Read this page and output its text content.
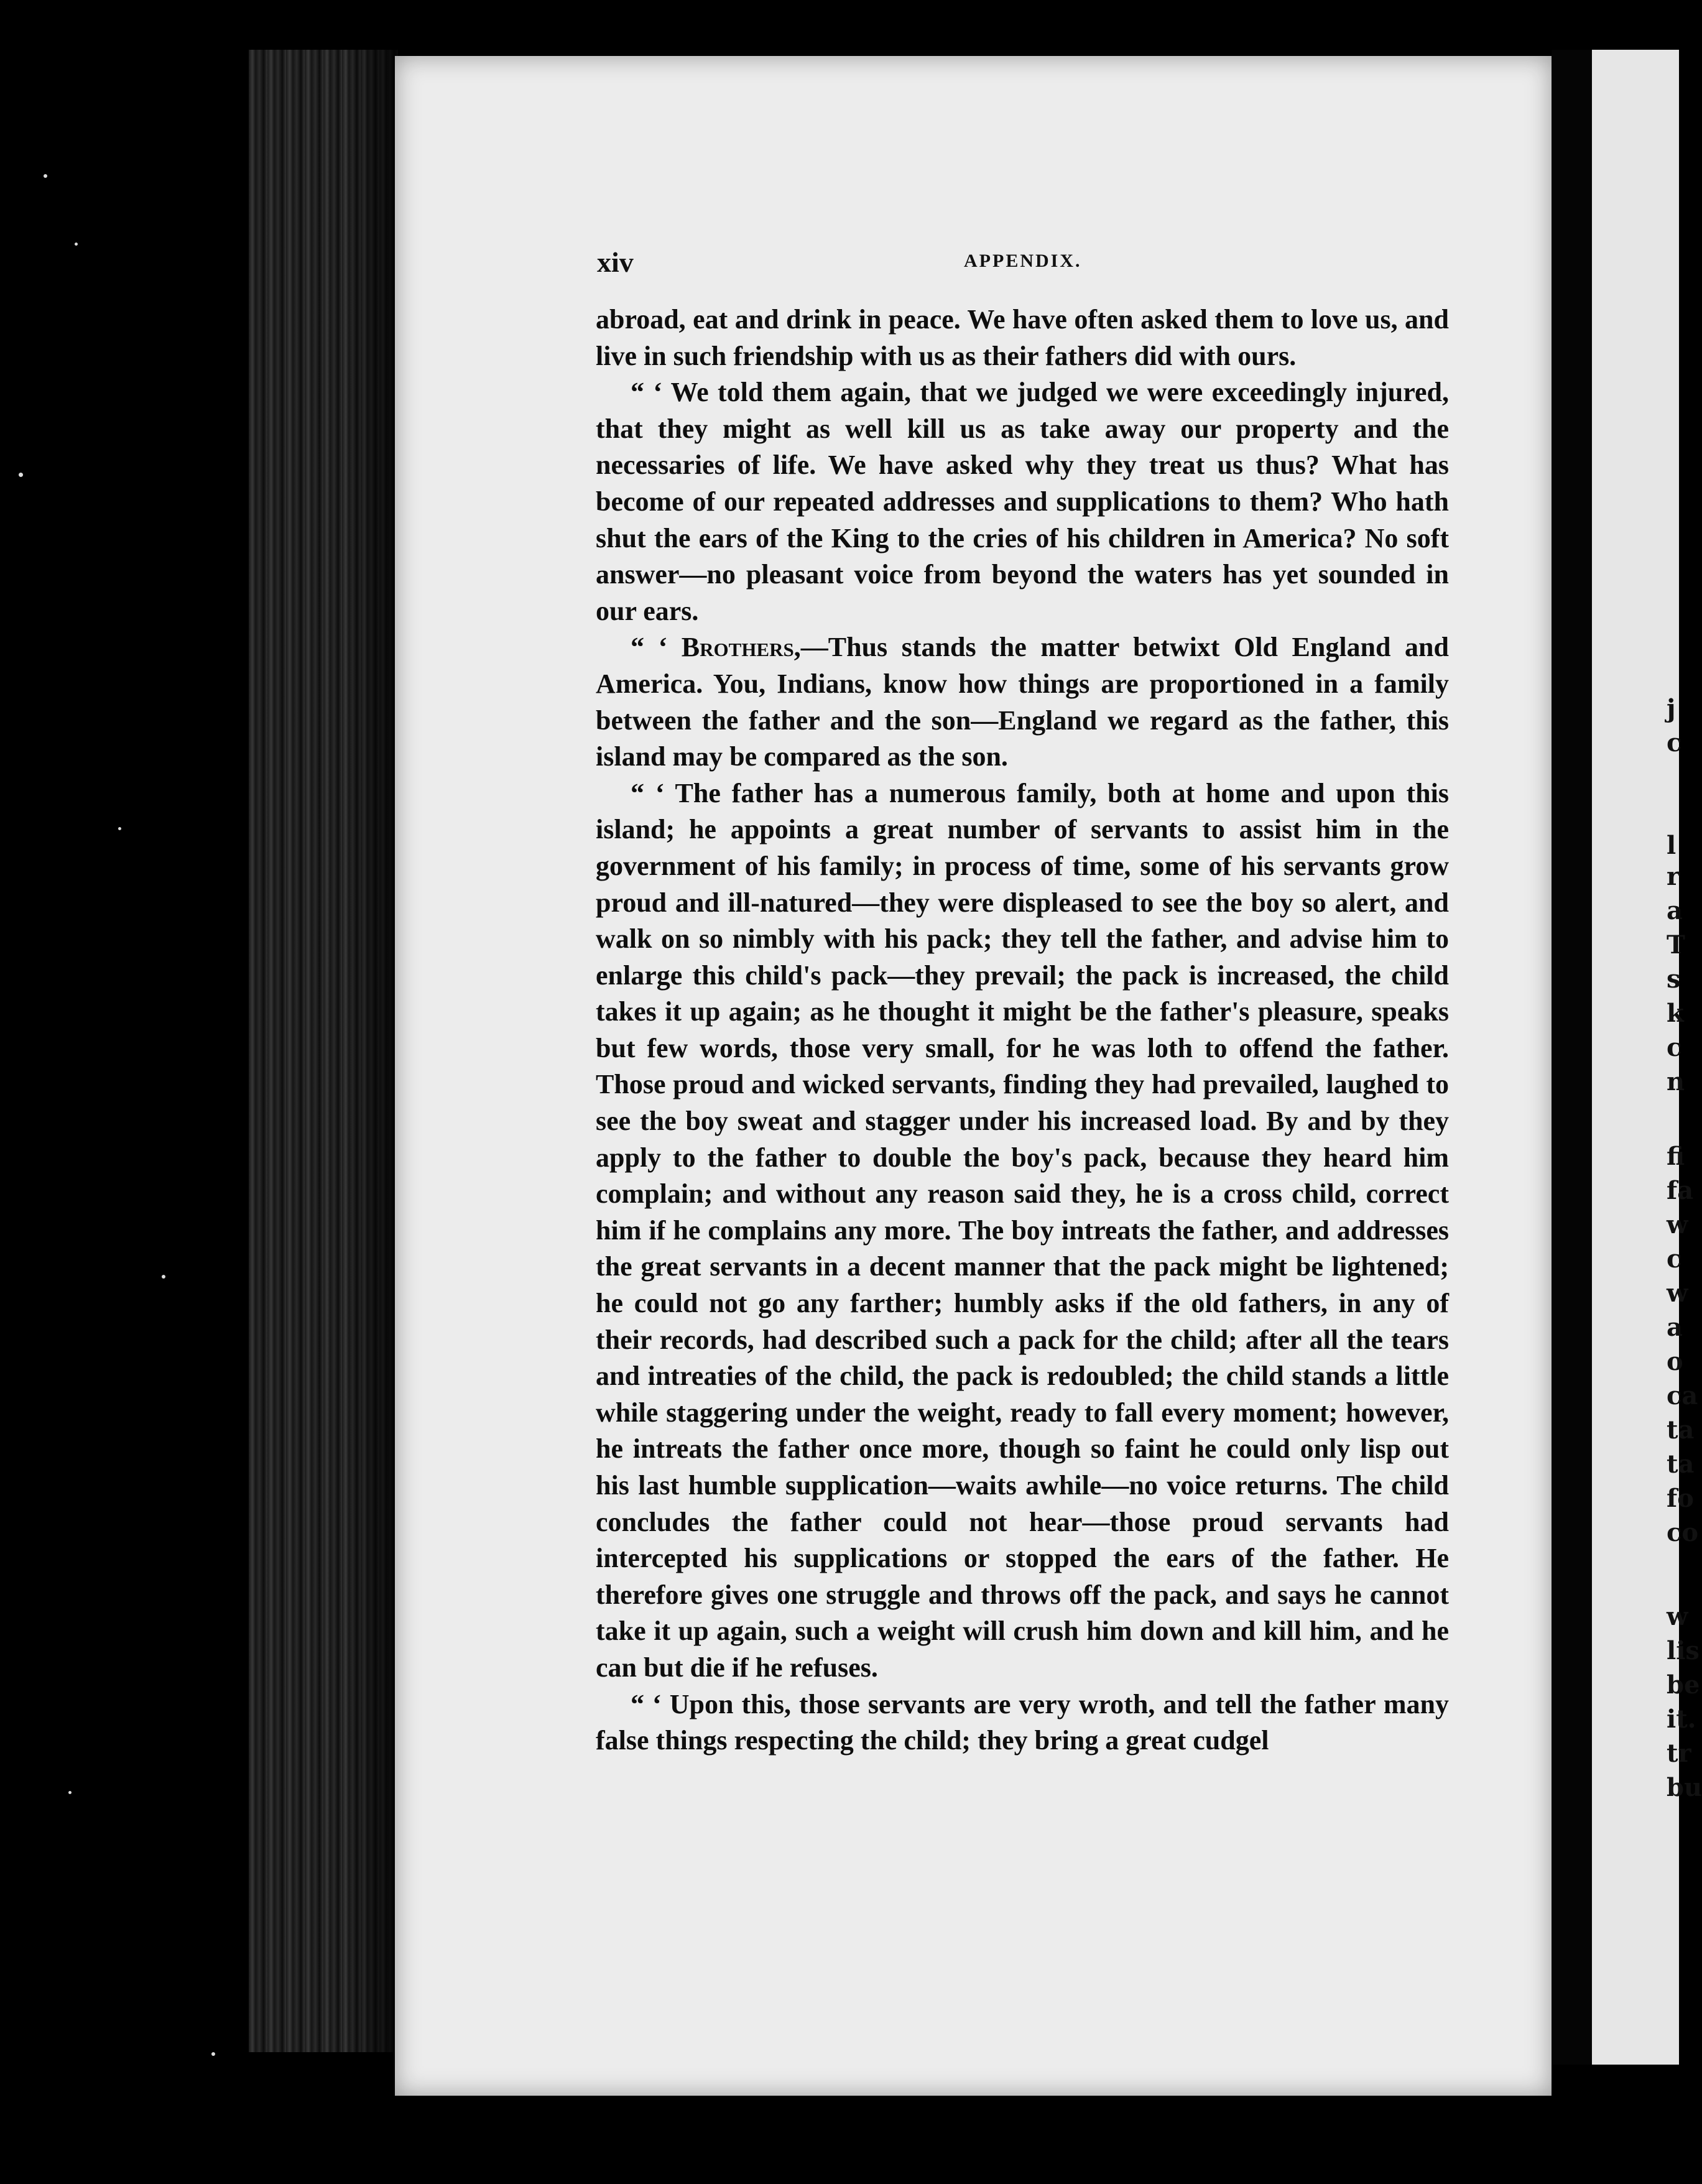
j
c
l
r
a
T
s
k
c
n
fi
fa
w
c
w
a
o
ca
ta
ta
fo
co
w
lis
be
it.
tr
bu
xiv	APPENDIX.

abroad, eat and drink in peace. We have often asked them to love us, and live in such friendship with us as their fathers did with ours.

“ ‘ We told them again, that we judged we were exceedingly injured, that they might as well kill us as take away our property and the necessaries of life. We have asked why they treat us thus? What has become of our repeated addresses and supplications to them? Who hath shut the ears of the King to the cries of his children in America? No soft answer—no pleasant voice from beyond the waters has yet sounded in our ears.

“ ‘ Brothers,—Thus stands the matter betwixt Old England and America. You, Indians, know how things are proportioned in a family between the father and the son—England we regard as the father, this island may be compared as the son.

“ ‘ The father has a numerous family, both at home and upon this island; he appoints a great number of servants to assist him in the government of his family; in process of time, some of his servants grow proud and ill-natured—they were displeased to see the boy so alert, and walk on so nimbly with his pack; they tell the father, and advise him to enlarge this child's pack—they prevail; the pack is increased, the child takes it up again; as he thought it might be the father's pleasure, speaks but few words, those very small, for he was loth to offend the father. Those proud and wicked servants, finding they had prevailed, laughed to see the boy sweat and stagger under his increased load. By and by they apply to the father to double the boy's pack, because they heard him complain; and without any reason said they, he is a cross child, correct him if he complains any more. The boy intreats the father, and addresses the great servants in a decent manner that the pack might be lightened; he could not go any farther; humbly asks if the old fathers, in any of their records, had described such a pack for the child; after all the tears and intreaties of the child, the pack is redoubled; the child stands a little while staggering under the weight, ready to fall every moment; however, he intreats the father once more, though so faint he could only lisp out his last humble supplication—waits awhile—no voice returns. The child concludes the father could not hear—those proud servants had intercepted his supplications or stopped the ears of the father. He therefore gives one struggle and throws off the pack, and says he cannot take it up again, such a weight will crush him down and kill him, and he can but die if he refuses.

“ ‘ Upon this, those servants are very wroth, and tell the father many false things respecting the child; they bring a great cudgel
